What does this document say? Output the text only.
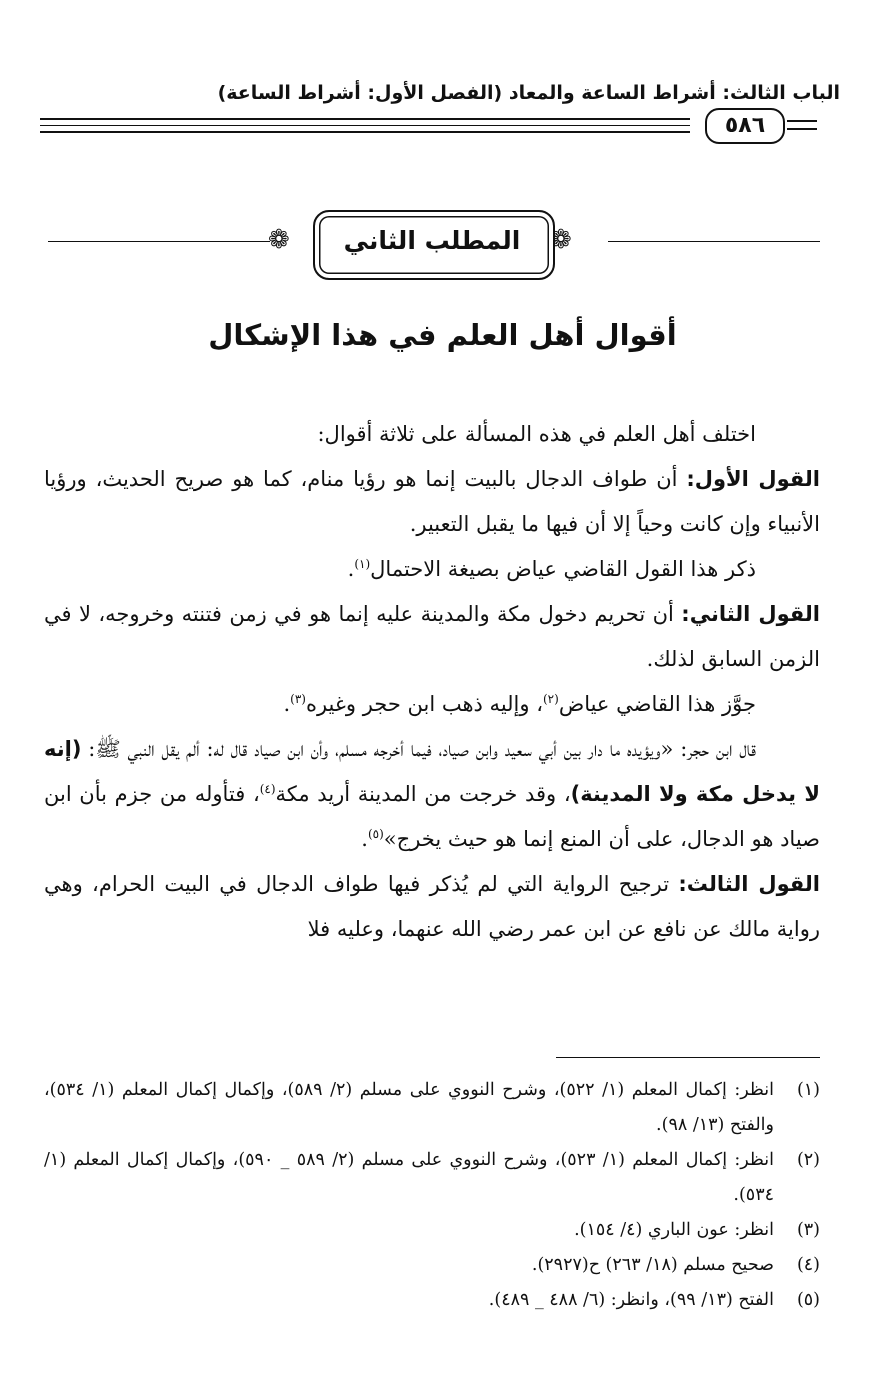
الباب الثالث: أشراط الساعة والمعاد (الفصل الأول: أشراط الساعة)
٥٨٦
❁	❁
المطلب الثاني
أقوال أهل العلم في هذا الإشكال

اختلف أهل العلم في هذه المسألة على ثلاثة أقوال:

القول الأول: أن طواف الدجال بالبيت إنما هو رؤيا منام، كما هو صريح الحديث، ورؤيا الأنبياء وإن كانت وحياً إلا أن فيها ما يقبل التعبير.

ذكر هذا القول القاضي عياض بصيغة الاحتمال$^{(١)}$.

القول الثاني: أن تحريم دخول مكة والمدينة عليه إنما هو في زمن فتنته وخروجه، لا في الزمن السابق لذلك.

جوَّز هذا القاضي عياض$^{(٢)}$، وإليه ذهب ابن حجر وغيره$^{(٣)}$.

قال ابن حجر: «ويؤيده ما دار بين أبي سعيد وابن صياد، فيما أخرجه مسلم، وأن ابن صياد قال له: ألم يقل النبي ﷺ: (إنه لا يدخل مكة ولا المدينة)، وقد خرجت من المدينة أريد مكة$^{(٤)}$، فتأوله من جزم بأن ابن صياد هو الدجال، على أن المنع إنما هو حيث يخرج»$^{(٥)}$.

القول الثالث: ترجيح الرواية التي لم يُذكر فيها طواف الدجال في البيت الحرام، وهي رواية مالك عن نافع عن ابن عمر رضي الله عنهما، وعليه فلا

(١)
انظر: إكمال المعلم (١/ ٥٢٢)، وشرح النووي على مسلم (٢/ ٥٨٩)، وإكمال إكمال المعلم (١/ ٥٣٤)، والفتح (١٣/ ٩٨).
(٢)
انظر: إكمال المعلم (١/ ٥٢٣)، وشرح النووي على مسلم (٢/ ٥٨٩ _ ٥٩٠)، وإكمال إكمال المعلم (١/ ٥٣٤).
(٣)
انظر: عون الباري (٤/ ١٥٤).
(٤)
صحيح مسلم (١٨/ ٢٦٣) ح(٢٩٢٧).
(٥)
الفتح (١٣/ ٩٩)، وانظر: (٦/ ٤٨٨ _ ٤٨٩).
